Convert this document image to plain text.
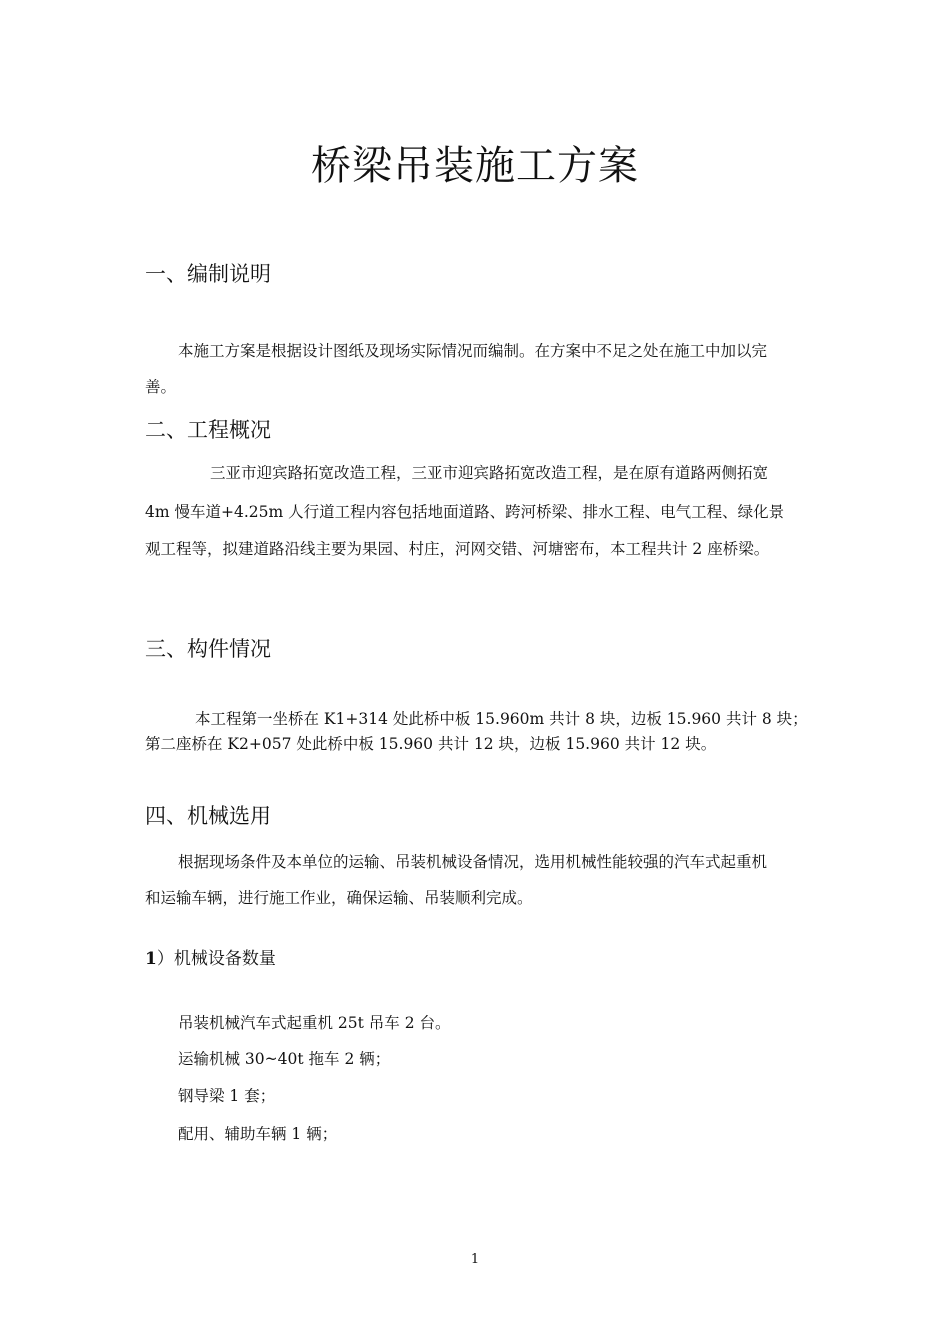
桥梁吊装施工方案
一、编制说明
本施工方案是根据设计图纸及现场实际情况而编制。在方案中不足之处在施工中加以完
善。
二、工程概况
三亚市迎宾路拓宽改造工程，三亚市迎宾路拓宽改造工程，是在原有道路两侧拓宽
4m 慢车道+4.25m 人行道工程内容包括地面道路、跨河桥梁、排水工程、电气工程、绿化景
观工程等，拟建道路沿线主要为果园、村庄，河网交错、河塘密布，本工程共计 2 座桥梁。
三、构件情况
本工程第一坐桥在 K1+314 处此桥中板 15.960m 共计 8 块，边板 15.960 共计 8 块；
第二座桥在 K2+057 处此桥中板 15.960 共计 12 块，边板 15.960 共计 12 块。
四、机械选用
根据现场条件及本单位的运输、吊装机械设备情况，选用机械性能较强的汽车式起重机
和运输车辆，进行施工作业，确保运输、吊装顺利完成。
1）机械设备数量
吊装机械汽车式起重机 25t 吊车 2 台。
运输机械 30~40t 拖车 2 辆；
钢导梁 1 套；
配用、辅助车辆 1 辆；
1
